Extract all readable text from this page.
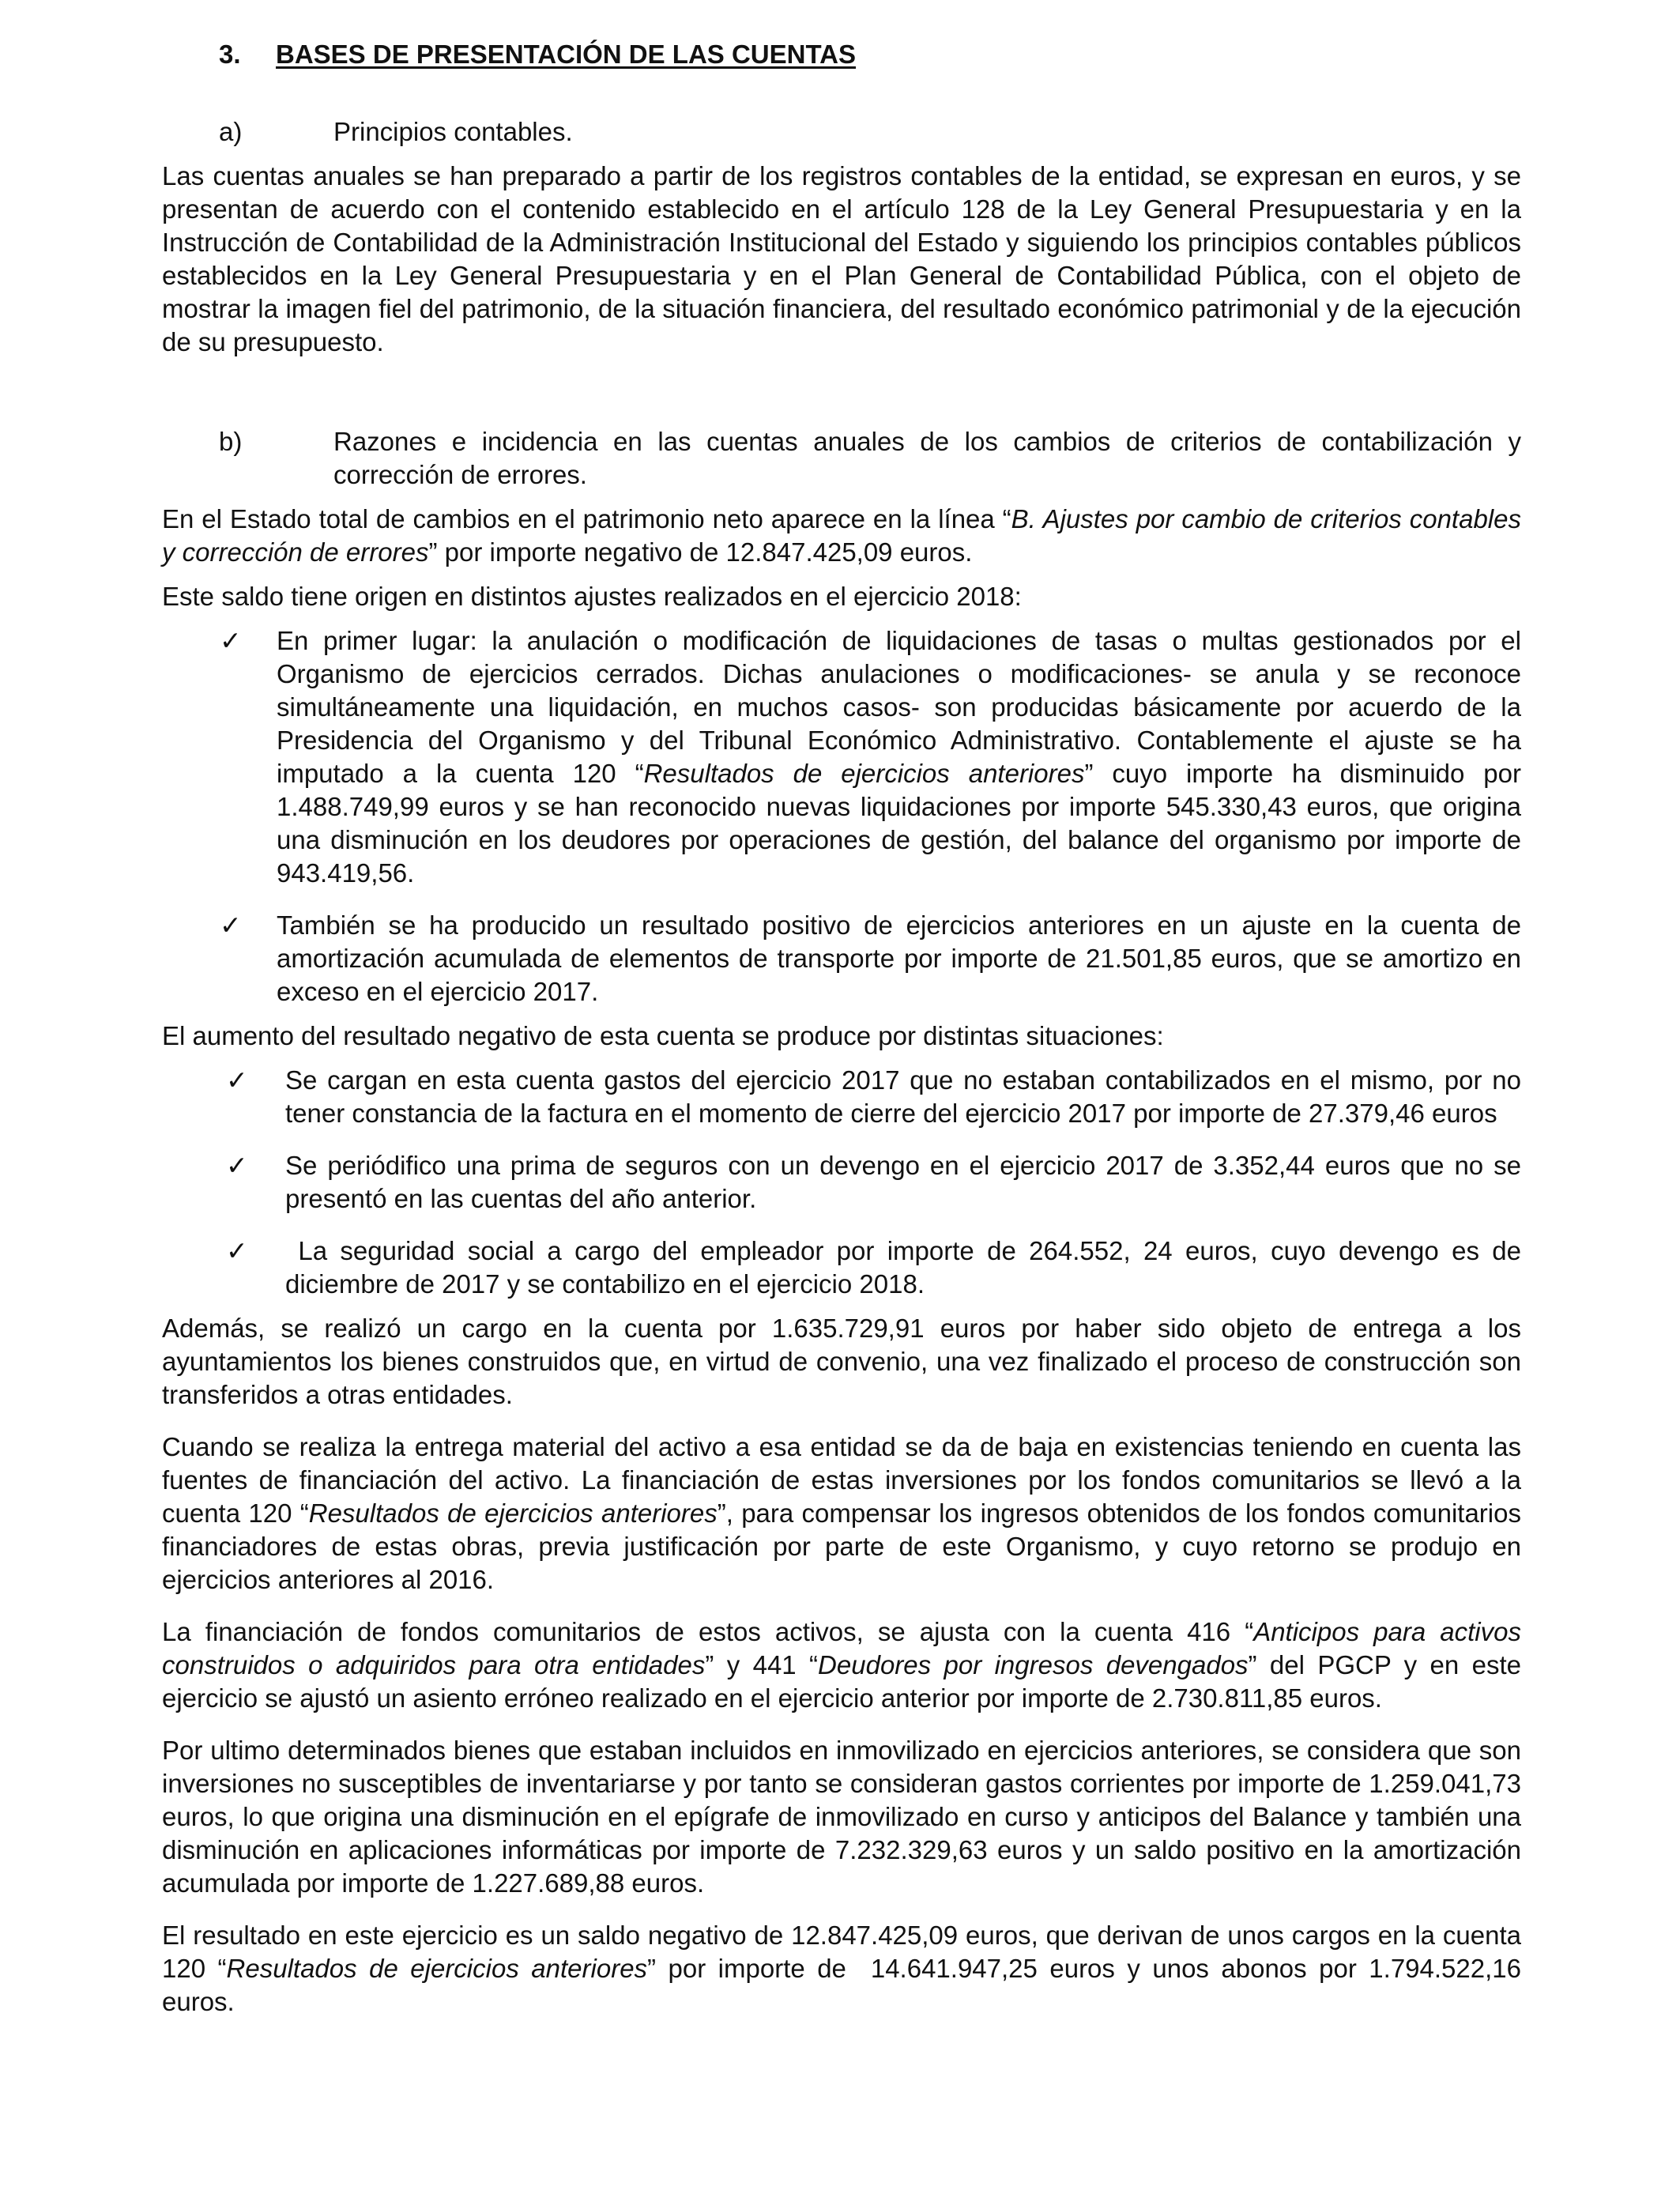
3.	BASES DE PRESENTACIÓN DE LAS CUENTAS
a)	Principios contables.

Las cuentas anuales se han preparado a partir de los registros contables de la entidad, se expresan en euros, y se presentan de acuerdo con el contenido establecido en el artículo 128 de la Ley General Presupuestaria y en la Instrucción de Contabilidad de la Administración Institucional del Estado y siguiendo los principios contables públicos establecidos en la Ley General Presupuestaria y en el Plan General de Contabilidad Pública, con el objeto de mostrar la imagen fiel del patrimonio, de la situación financiera, del resultado económico patrimonial y de la ejecución de su presupuesto.

b)	Razones e incidencia en las cuentas anuales de los cambios de criterios de contabilización y corrección de errores.

En el Estado total de cambios en el patrimonio neto aparece en la línea “B. Ajustes por cambio de criterios contables y corrección de errores” por importe negativo de 12.847.425,09 euros.

Este saldo tiene origen en distintos ajustes realizados en el ejercicio 2018:

✓	En primer lugar: la anulación o modificación de liquidaciones de tasas o multas gestionados por el Organismo de ejercicios cerrados. Dichas anulaciones o modificaciones- se anula y se reconoce simultáneamente una liquidación, en muchos casos- son producidas básicamente por acuerdo de la Presidencia del Organismo y del Tribunal Económico Administrativo. Contablemente el ajuste se ha imputado a la cuenta 120 “Resultados de ejercicios anteriores” cuyo importe ha disminuido por 1.488.749,99 euros y se han reconocido nuevas liquidaciones por importe 545.330,43 euros, que origina una disminución en los deudores por operaciones de gestión, del balance del organismo por importe de 943.419,56.
✓	También se ha producido un resultado positivo de ejercicios anteriores en un ajuste en la cuenta de amortización acumulada de elementos de transporte por importe de 21.501,85 euros, que se amortizo en exceso en el ejercicio 2017.

El aumento del resultado negativo de esta cuenta se produce por distintas situaciones:

✓	Se cargan en esta cuenta gastos del ejercicio 2017 que no estaban contabilizados en el mismo, por no tener constancia de la factura en el momento de cierre del ejercicio 2017 por importe de 27.379,46 euros
✓	Se periódifico una prima de seguros con un devengo en el ejercicio 2017 de 3.352,44 euros que no se presentó en las cuentas del año anterior.
✓	La seguridad social a cargo del empleador por importe de 264.552, 24 euros, cuyo devengo es de diciembre de 2017 y se contabilizo en el ejercicio 2018.

Además, se realizó un cargo en la cuenta por 1.635.729,91 euros por haber sido objeto de entrega a los ayuntamientos los bienes construidos que, en virtud de convenio, una vez finalizado el proceso de construcción son transferidos a otras entidades.

Cuando se realiza la entrega material del activo a esa entidad se da de baja en existencias teniendo en cuenta las fuentes de financiación del activo. La financiación de estas inversiones por los fondos comunitarios se llevó a la cuenta 120 “Resultados de ejercicios anteriores”, para compensar los ingresos obtenidos de los fondos comunitarios financiadores de estas obras, previa justificación por parte de este Organismo, y cuyo retorno se produjo en ejercicios anteriores al 2016.

La financiación de fondos comunitarios de estos activos, se ajusta con la cuenta 416 “Anticipos para activos construidos o adquiridos para otra entidades” y 441 “Deudores por ingresos devengados” del PGCP y en este ejercicio se ajustó un asiento erróneo realizado en el ejercicio anterior por importe de 2.730.811,85 euros.

Por ultimo determinados bienes que estaban incluidos en inmovilizado en ejercicios anteriores, se considera que son inversiones no susceptibles de inventariarse y por tanto se consideran gastos corrientes por importe de 1.259.041,73 euros, lo que origina una disminución en el epígrafe de inmovilizado en curso y anticipos del Balance y también una disminución en aplicaciones informáticas por importe de 7.232.329,63 euros y un saldo positivo en la amortización acumulada por importe de 1.227.689,88 euros.

El resultado en este ejercicio es un saldo negativo de 12.847.425,09 euros, que derivan de unos cargos en la cuenta 120 “Resultados de ejercicios anteriores” por importe de  14.641.947,25 euros y unos abonos por 1.794.522,16 euros.
